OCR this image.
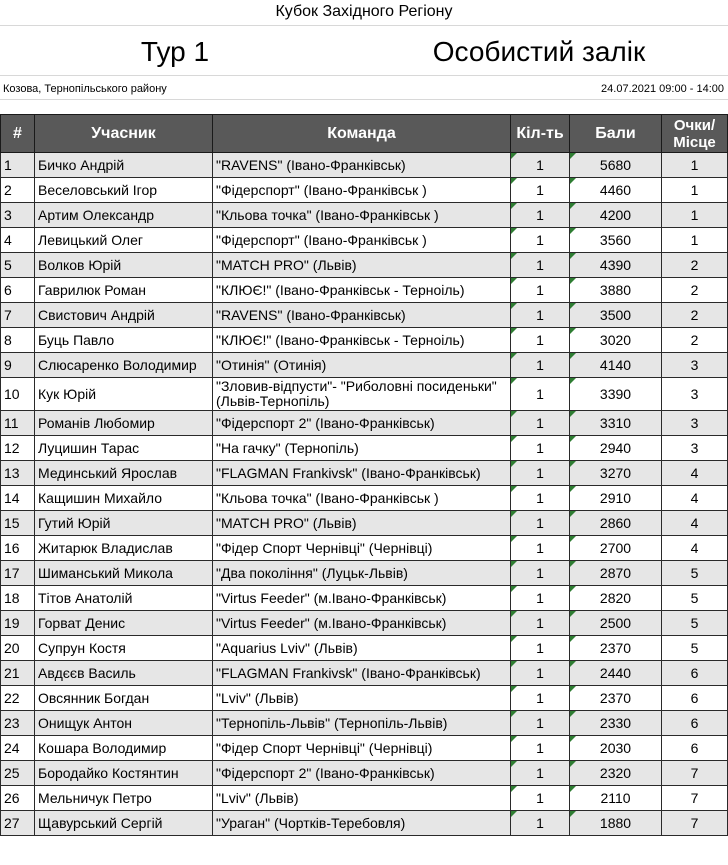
Кубок Західного Регіону
Тур 1	Особистий залік
Козова, Тернопільського району	24.07.2021 09:00 - 14:00
#	Учасник	Команда	Кіл-ть	Бали	Очки/ Місце
1	Бичко Андрій	"RAVENS" (Івано-Франківськ)	1	5680	1
2	Веселовський Ігор	"Фідерспорт" (Івано-Франківськ )	1	4460	1
3	Артим Олександр	"Кльова точка" (Івано-Франківськ )	1	4200	1
4	Левицький Олег	"Фідерспорт" (Івано-Франківськ )	1	3560	1
5	Волков Юрій	"MATCH PRO" (Львів)	1	4390	2
6	Гаврилюк Роман	"КЛЮЄ!" (Івано-Франківськ - Терноіль)	1	3880	2
7	Свистович Андрій	"RAVENS" (Івано-Франківськ)	1	3500	2
8	Буць Павло	"КЛЮЄ!" (Івано-Франківськ - Терноіль)	1	3020	2
9	Слюсаренко Володимир	"Отинія" (Отинія)	1	4140	3
10	Кук Юрій	"Зловив-відпусти"- "Риболовні посиденьки" (Львів-Тернопіль)	1	3390	3
11	Романів Любомир	"Фідерспорт 2" (Івано-Франківськ)	1	3310	3
12	Луцишин Тарас	"На гачку" (Тернопіль)	1	2940	3
13	Мединський Ярослав	"FLAGMAN Frankivsk" (Івано-Франківськ)	1	3270	4
14	Кащишин Михайло	"Кльова точка" (Івано-Франківськ )	1	2910	4
15	Гутий Юрій	"MATCH PRO" (Львів)	1	2860	4
16	Житарюк Владислав	"Фідер Спорт Чернівці" (Чернівці)	1	2700	4
17	Шиманський Микола	"Два покоління" (Луцьк-Львів)	1	2870	5
18	Тітов Анатолій	"Virtus Feeder" (м.Івано-Франківськ)	1	2820	5
19	Горват Денис	"Virtus Feeder" (м.Івано-Франківськ)	1	2500	5
20	Супрун Костя	"Aquarius Lviv" (Львів)	1	2370	5
21	Авдєєв Василь	"FLAGMAN Frankivsk" (Івано-Франківськ)	1	2440	6
22	Овсянник Богдан	"Lviv" (Львів)	1	2370	6
23	Онищук Антон	"Тернопіль-Львів" (Тернопіль-Львів)	1	2330	6
24	Кошара Володимир	"Фідер Спорт Чернівці" (Чернівці)	1	2030	6
25	Бородайко Костянтин	"Фідерспорт 2" (Івано-Франківськ)	1	2320	7
26	Мельничук Петро	"Lviv" (Львів)	1	2110	7
27	Щавурський Сергій	"Ураган" (Чортків-Теребовля)	1	1880	7
